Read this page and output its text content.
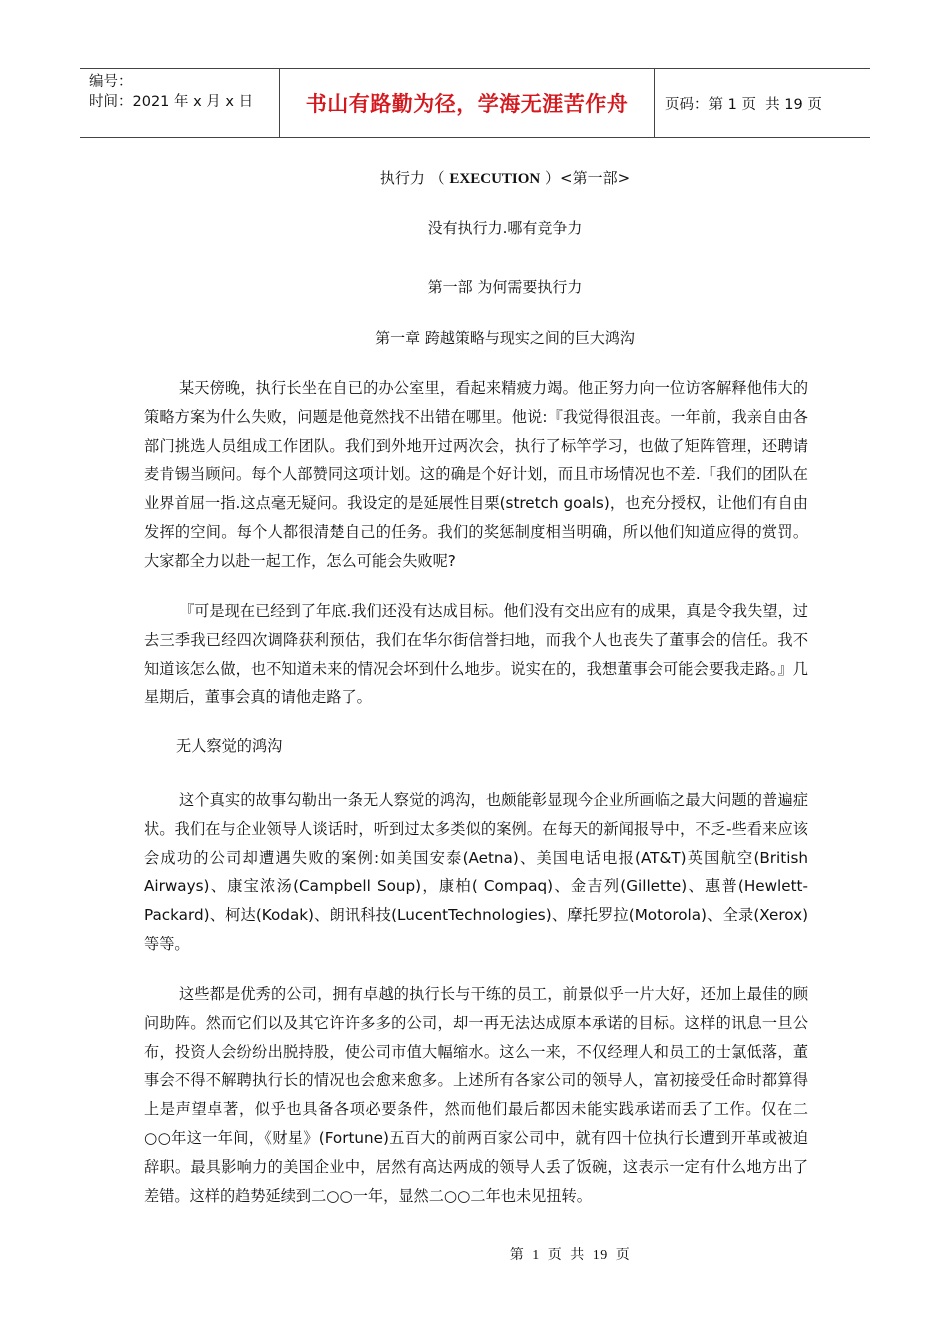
编号：
时间：2021 年 x 月 x 日	书山有路勤为径，学海无涯苦作舟	页码：第 1 页  共 19 页
执行力 （ EXECUTION ）<第一部>
没有执行力.哪有竞争力
第一部 为何需要执行力
第一章 跨越策略与现实之间的巨大鸿沟
某天傍晚，执行长坐在自已的办公室里，看起来精疲力竭。他正努力向一位访客解释他伟大的策略方案为什么失败，问题是他竟然找不出错在哪里。他说:『我觉得很沮丧。一年前，我亲自由各部门挑选人员组成工作团队。我们到外地开过两次会，执行了标竿学习，也做了矩阵管理，还聘请麦肯锡当顾问。每个人部赞同这项计划。这的确是个好计划，而且市场情况也不差.「我们的团队在业界首屈一指.这点毫无疑问。我设定的是延展性目栗(stretch goals)，也充分授权，让他们有自由发挥的空间。每个人都很清楚自己的任务。我们的奖惩制度相当明确，所以他们知道应得的赏罚。大家都全力以赴一起工作，怎么可能会失败呢?
『可是现在已经到了年底.我们还没有达成目标。他们没有交出应有的成果，真是令我失望，过去三季我已经四次调降获利预估，我们在华尔街信誉扫地，而我个人也丧失了董事会的信任。我不知道该怎么做，也不知道未来的情况会坏到什么地步。说实在的，我想董事会可能会要我走路。』几星期后，董事会真的请他走路了。
无人察觉的鸿沟
这个真实的故事勾勒出一条无人察觉的鸿沟，也颇能彰显现今企业所画临之最大问题的普遍症状。我们在与企业领导人谈话时，听到过太多类似的案例。在每天的新闻报导中，不乏-些看来应该会成功的公司却遭遇失败的案例:如美国安泰(Aetna)、美国电话电报(AT&T)英国航空(British Airways)、康宝浓汤(Campbell Soup)，康柏( Compaq)、金吉列(Gillette)、惠普(Hewlett-Packard)、柯达(Kodak)、朗讯科技(LucentTechnologies)、摩托罗拉(Motorola)、全录(Xerox)等等。
这些都是优秀的公司，拥有卓越的执行长与干练的员工，前景似乎一片大好，还加上最佳的顾问助阵。然而它们以及其它许许多多的公司，却一再无法达成原本承诺的目标。这样的讯息一旦公布，投资人会纷纷出脱持股，使公司市值大幅缩水。这么一来，不仅经理人和员工的士氯低落，董事会不得不解聘执行长的情况也会愈来愈多。上述所有各家公司的领导人，富初接受任命时都算得上是声望卓著，似乎也具备各项必要条件，然而他们最后都因未能实践承诺而丢了工作。仅在二○○年这一年间，《财星》(Fortune)五百大的前两百家公司中，就有四十位执行长遭到开革或被迫辞职。最具影响力的美国企业中，居然有高达两成的领导人丢了饭碗，这表示一定有什么地方出了差错。这样的趋势延续到二○○一年，显然二○○二年也未见扭转。
第  1  页  共  19  页
